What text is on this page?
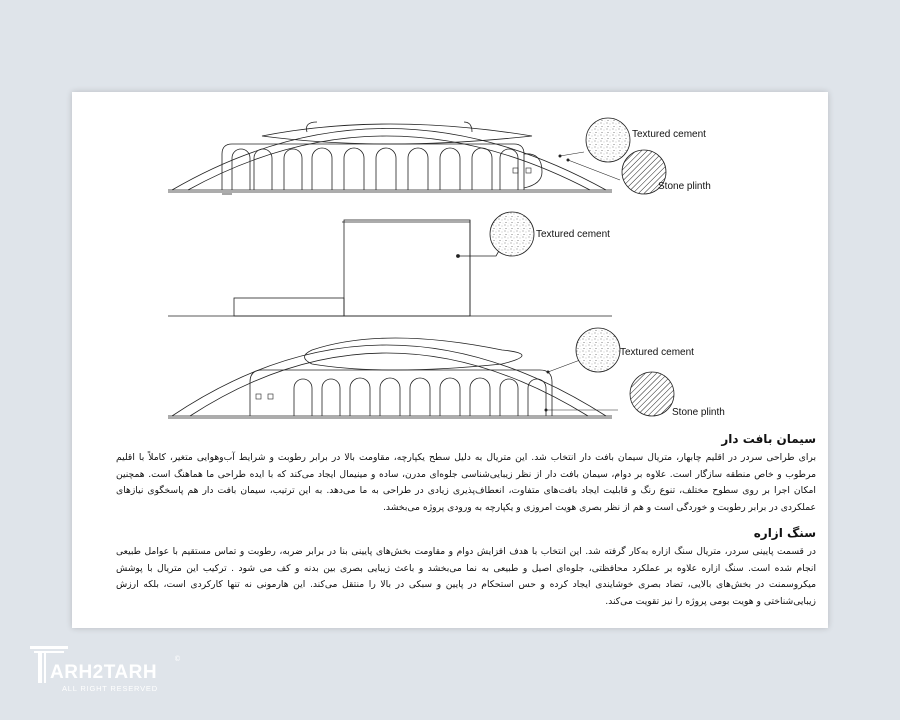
Textured cement
Stone plinth
Textured cement
Textured cement
Stone plinth
سیمان بافت دار

برای طراحی سردر در اقلیم چابهار، متریال سیمان بافت دار انتخاب شد. این متریال به دلیل سطح یکپارچه، مقاومت بالا در برابر رطوبت و شرایط آب‌وهوایی متغیر، کاملاً با اقلیم مرطوب و خاص منطقه سازگار است. علاوه بر دوام، سیمان بافت دار از نظر زیبایی‌شناسی جلوه‌ای مدرن، ساده و مینیمال ایجاد می‌کند که با ایده طراحی ما هماهنگ است. همچنین امکان اجرا بر روی سطوح مختلف، تنوع رنگ و قابلیت ایجاد بافت‌های متفاوت، انعطاف‌پذیری زیادی در طراحی به ما می‌دهد. به این ترتیب، سیمان بافت دار هم پاسخگوی نیازهای عملکردی در برابر رطوبت و خوردگی است و هم از نظر بصری هویت امروزی و یکپارچه به ورودی پروژه می‌بخشد.

سنگ ازاره

در قسمت پایینی سردر، متریال سنگ ازاره به‌کار گرفته شد. این انتخاب با هدف افزایش دوام و مقاومت بخش‌های پایینی بنا در برابر ضربه، رطوبت و تماس مستقیم با عوامل طبیعی انجام شده است. سنگ ازاره علاوه بر عملکرد محافظتی، جلوه‌ای اصیل و طبیعی به نما می‌بخشد و باعث زیبایی بصری بین بدنه و کف می شود . ترکیب این متریال با پوشش میکروسمنت در بخش‌های بالایی، تضاد بصری خوشایندی ایجاد کرده و حس استحکام در پایین و سبکی در بالا را منتقل می‌کند. این هارمونی نه تنها کارکردی است، بلکه ارزش زیبایی‌شناختی و هویت بومی پروژه را نیز تقویت می‌کند.

ARH2TARH
ALL RIGHT RESERVED
©
